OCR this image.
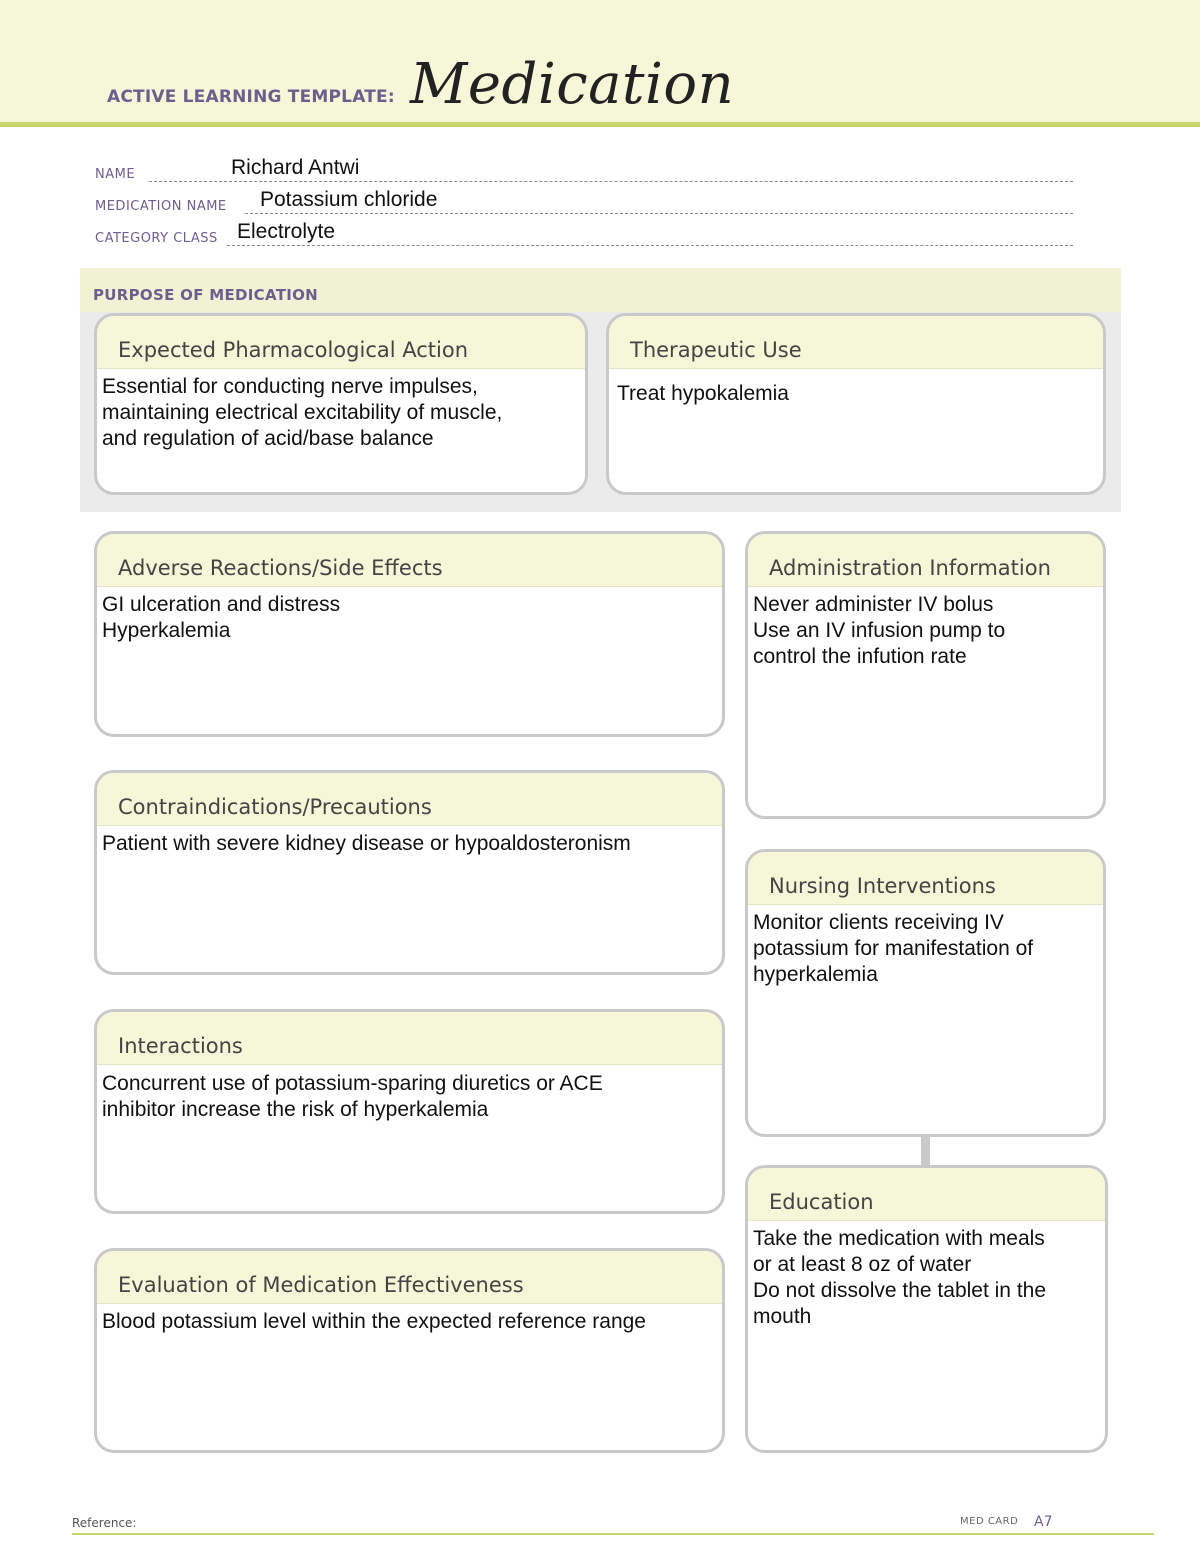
ACTIVE LEARNING TEMPLATE: Medication
NAME	Richard Antwi
MEDICATION NAME Potassium chloride
CATEGORY CLASS Electrolyte
PURPOSE OF MEDICATION
Expected Pharmacological Action
Essential for conducting nerve impulses,
maintaining electrical excitability of muscle,
and regulation of acid/base balance
Therapeutic Use
Treat hypokalemia
Adverse Reactions/Side Effects
GI ulceration and distress
Hyperkalemia
Administration Information
Never administer IV bolus
Use an IV infusion pump to
control the infution rate
Contraindications/Precautions
Patient with severe kidney disease or hypoaldosteronism
Nursing Interventions
Monitor clients receiving IV
potassium for manifestation of
hyperkalemia
Interactions
Concurrent use of potassium-sparing diuretics or ACE
inhibitor increase the risk of hyperkalemia
Education
Take the medication with meals
or at least 8 oz of water
Do not dissolve the tablet in the
mouth
Evaluation of Medication Effectiveness
Blood potassium level within the expected reference range
Reference:	MED CARD A7
